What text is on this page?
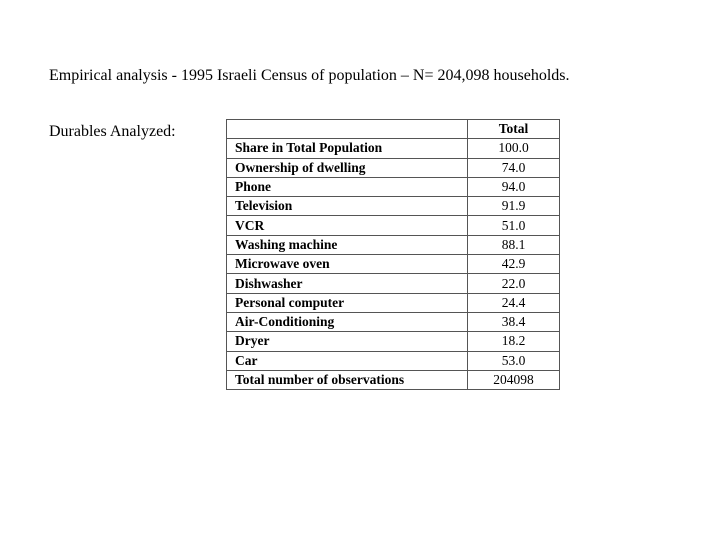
Empirical analysis - 1995 Israeli Census of population – N= 204,098 households.
Durables Analyzed:
		Total
Share in Total Population	100.0
Ownership of dwelling	74.0
Phone	94.0
Television	91.9
VCR	51.0
Washing machine	88.1
Microwave oven	42.9
Dishwasher	22.0
Personal computer	24.4
Air-Conditioning	38.4
Dryer	18.2
Car	53.0
Total number of observations	204098
